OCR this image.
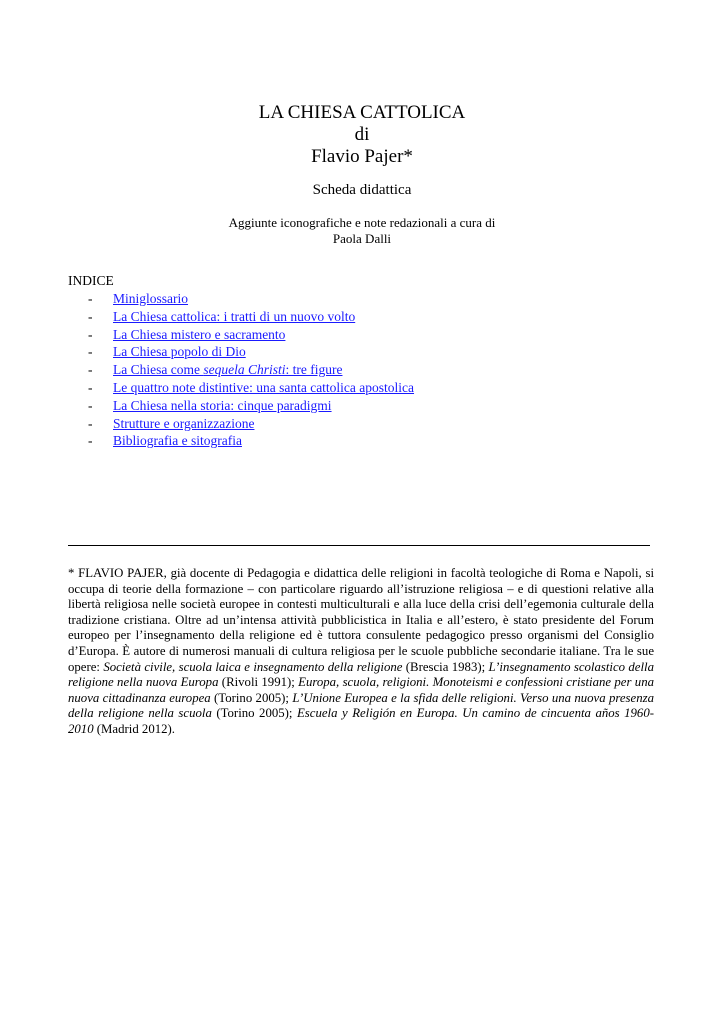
LA CHIESA CATTOLICA
di
Flavio Pajer*
Scheda didattica
Aggiunte iconografiche e note redazionali a cura di
Paola Dalli
INDICE
- Miniglossario
- La Chiesa cattolica: i tratti di un nuovo volto
- La Chiesa mistero e sacramento
- La Chiesa popolo di Dio
- La Chiesa come sequela Christi: tre figure
- Le quattro note distintive: una santa cattolica apostolica
- La Chiesa nella storia: cinque paradigmi
- Strutture e organizzazione
- Bibliografia e sitografia

* FLAVIO PAJER, già docente di Pedagogia e didattica delle religioni in facoltà teologiche di Roma e Napoli, si occupa di teorie della formazione – con particolare riguardo all’istruzione religiosa – e di questioni relative alla libertà religiosa nelle società europee in contesti multiculturali e alla luce della crisi dell’egemonia culturale della tradizione cristiana. Oltre ad un’intensa attività pubblicistica in Italia e all’estero, è stato presidente del Forum europeo per l’insegnamento della religione ed è tuttora consulente pedagogico presso organismi del Consiglio d’Europa. È autore di numerosi manuali di cultura religiosa per le scuole pubbliche secondarie italiane. Tra le sue opere: Società civile, scuola laica e insegnamento della religione (Brescia 1983); L’insegnamento scolastico della religione nella nuova Europa (Rivoli 1991); Europa, scuola, religioni. Monoteismi e confessioni cristiane per una nuova cittadinanza europea (Torino 2005); L’Unione Europea e la sfida delle religioni. Verso una nuova presenza della religione nella scuola (Torino 2005); Escuela y Religión en Europa. Un camino de cincuenta años 1960-2010 (Madrid 2012).
